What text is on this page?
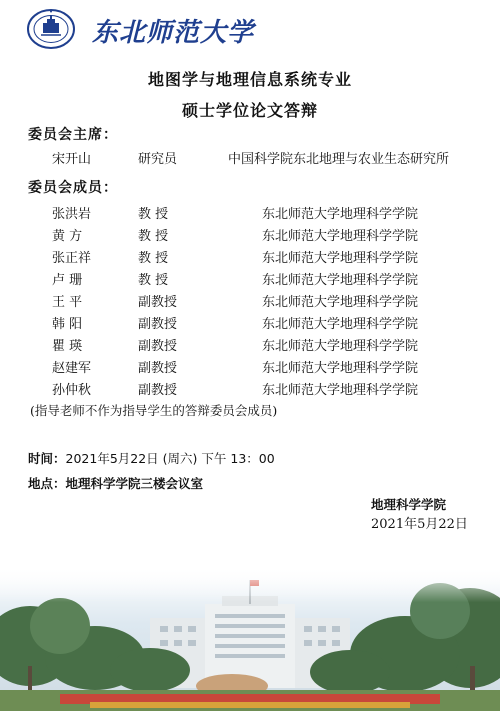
东北师范大学
地图学与地理信息系统专业
硕士学位论文答辩
委员会主席：
宋开山	研究员	中国科学院东北地理与农业生态研究所
委员会成员：
张洪岩	教 授	东北师范大学地理科学学院
黄 方	教 授	东北师范大学地理科学学院
张正祥	教 授	东北师范大学地理科学学院
卢 珊	教 授	东北师范大学地理科学学院
王 平	副教授	东北师范大学地理科学学院
韩 阳	副教授	东北师范大学地理科学学院
瞿 瑛	副教授	东北师范大学地理科学学院
赵建军	副教授	东北师范大学地理科学学院
孙仲秋	副教授	东北师范大学地理科学学院
(指导老师不作为指导学生的答辩委员会成员)
时间：2021年5月22日 (周六) 下午 13：00
地点：地理科学学院三楼会议室
地理科学学院
2021年5月22日
